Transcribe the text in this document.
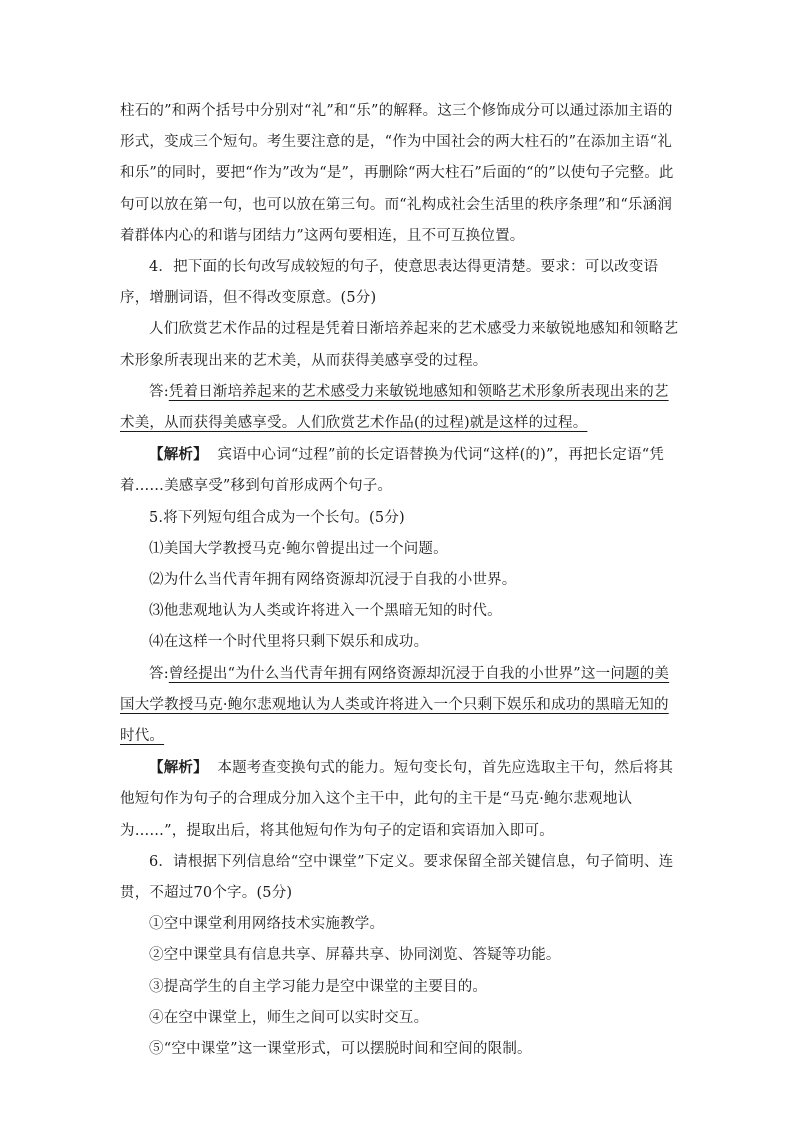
柱石的”和两个括号中分别对“礼”和“乐”的解释。这三个修饰成分可以通过添加主语的形式，变成三个短句。考生要注意的是，“作为中国社会的两大柱石的”在添加主语“礼和乐”的同时，要把“作为”改为“是”，再删除“两大柱石”后面的“的”以使句子完整。此句可以放在第一句，也可以放在第三句。而“礼构成社会生活里的秩序条理”和“乐涵润着群体内心的和谐与团结力”这两句要相连，且不可互换位置。

4．把下面的长句改写成较短的句子，使意思表达得更清楚。要求：可以改变语序，增删词语，但不得改变原意。(5分)

人们欣赏艺术作品的过程是凭着日渐培养起来的艺术感受力来敏锐地感知和领略艺术形象所表现出来的艺术美，从而获得美感享受的过程。

答:凭着日渐培养起来的艺术感受力来敏锐地感知和领略艺术形象所表现出来的艺术美，从而获得美感享受。人们欣赏艺术作品(的过程)就是这样的过程。

【解析】 宾语中心词“过程”前的长定语替换为代词“这样(的)”，再把长定语“凭着……美感享受”移到句首形成两个句子。

5.将下列短句组合成为一个长句。(5分)

⑴美国大学教授马克·鲍尔曾提出过一个问题。

⑵为什么当代青年拥有网络资源却沉浸于自我的小世界。

⑶他悲观地认为人类或许将进入一个黑暗无知的时代。

⑷在这样一个时代里将只剩下娱乐和成功。

答:曾经提出“为什么当代青年拥有网络资源却沉浸于自我的小世界”这一问题的美国大学教授马克·鲍尔悲观地认为人类或许将进入一个只剩下娱乐和成功的黑暗无知的时代。

【解析】 本题考查变换句式的能力。短句变长句，首先应选取主干句，然后将其他短句作为句子的合理成分加入这个主干中，此句的主干是“马克·鲍尔悲观地认为……”，提取出后，将其他短句作为句子的定语和宾语加入即可。

6．请根据下列信息给“空中课堂”下定义。要求保留全部关键信息，句子简明、连贯，不超过70个字。(5分)

①空中课堂利用网络技术实施教学。

②空中课堂具有信息共享、屏幕共享、协同浏览、答疑等功能。

③提高学生的自主学习能力是空中课堂的主要目的。

④在空中课堂上，师生之间可以实时交互。

⑤“空中课堂”这一课堂形式，可以摆脱时间和空间的限制。
